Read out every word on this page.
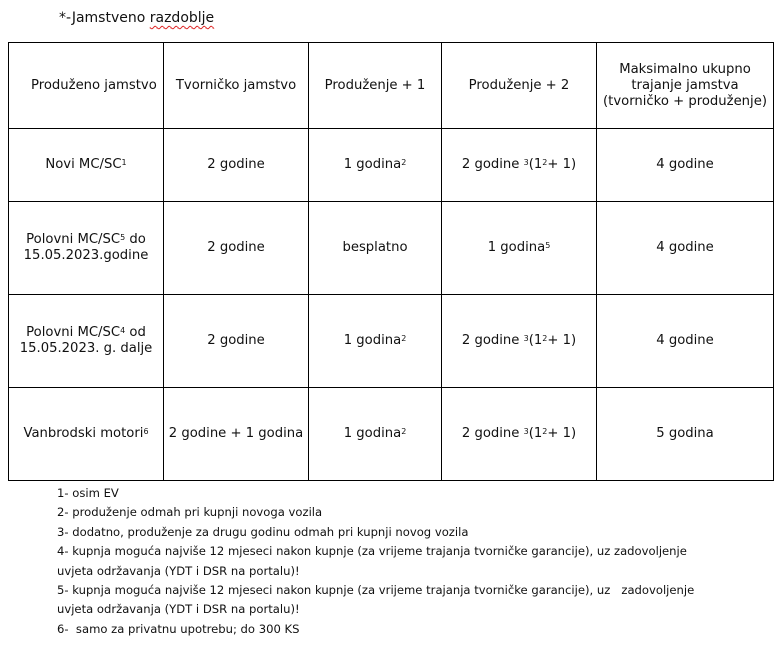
*-Jamstveno razdoblje
Produženo jamstvo	Tvorničko jamstvo	Produženje + 1	Produženje + 2	Maksimalno ukupno trajanje jamstva (tvorničko + produženje)
Novi $MC/SC^1$	2 godine	1 godina$^2$	2 godine $^3(1^2+ 1)$	4 godine
Polovni $MC/SC^5$ do 15.05.2023.godine	2 godine	besplatno	1 godina$^5$	4 godine
Polovni $MC/SC^4$ od 15.05.2023. g. dalje	2 godine	1 godina$^2$	2 godine $^3(1^2+ 1)$	4 godine
Vanbrodski motori$^6$	2 godine + 1 godina	1 godina$^2$	2 godine $^3(1^2+ 1)$	5 godina
1- osim EV
2- produženje odmah pri kupnji novoga vozila
3- dodatno, produženje za drugu godinu odmah pri kupnji novog vozila
4- kupnja moguća najviše 12 mjeseci nakon kupnje (za vrijeme trajanja tvorničke garancije), uz zadovoljenje
uvjeta održavanja (YDT i DSR na portalu)!
5- kupnja moguća najviše 12 mjeseci nakon kupnje (za vrijeme trajanja tvorničke garancije), uz   zadovoljenje
uvjeta održavanja (YDT i DSR na portalu)!
6-  samo za privatnu upotrebu; do 300 KS
